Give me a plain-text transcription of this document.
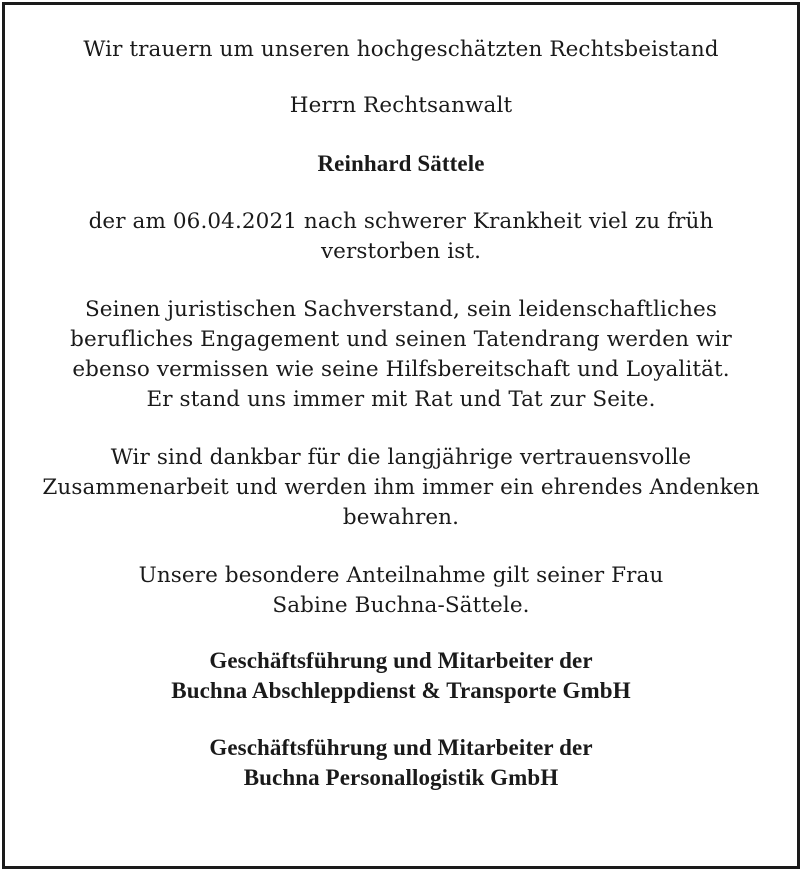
Wir trauern um unseren hochgeschätzten Rechtsbeistand

Herrn Rechtsanwalt

Reinhard Sättele

der am 06.04.2021 nach schwerer Krankheit viel zu früh
verstorben ist.

Seinen juristischen Sachverstand, sein leidenschaftliches
berufliches Engagement und seinen Tatendrang werden wir
ebenso vermissen wie seine Hilfsbereitschaft und Loyalität.
Er stand uns immer mit Rat und Tat zur Seite.

Wir sind dankbar für die langjährige vertrauensvolle
Zusammenarbeit und werden ihm immer ein ehrendes Andenken
bewahren.

Unsere besondere Anteilnahme gilt seiner Frau
Sabine Buchna-Sättele.

Geschäftsführung und Mitarbeiter der
Buchna Abschleppdienst & Transporte GmbH

Geschäftsführung und Mitarbeiter der
Buchna Personallogistik GmbH
